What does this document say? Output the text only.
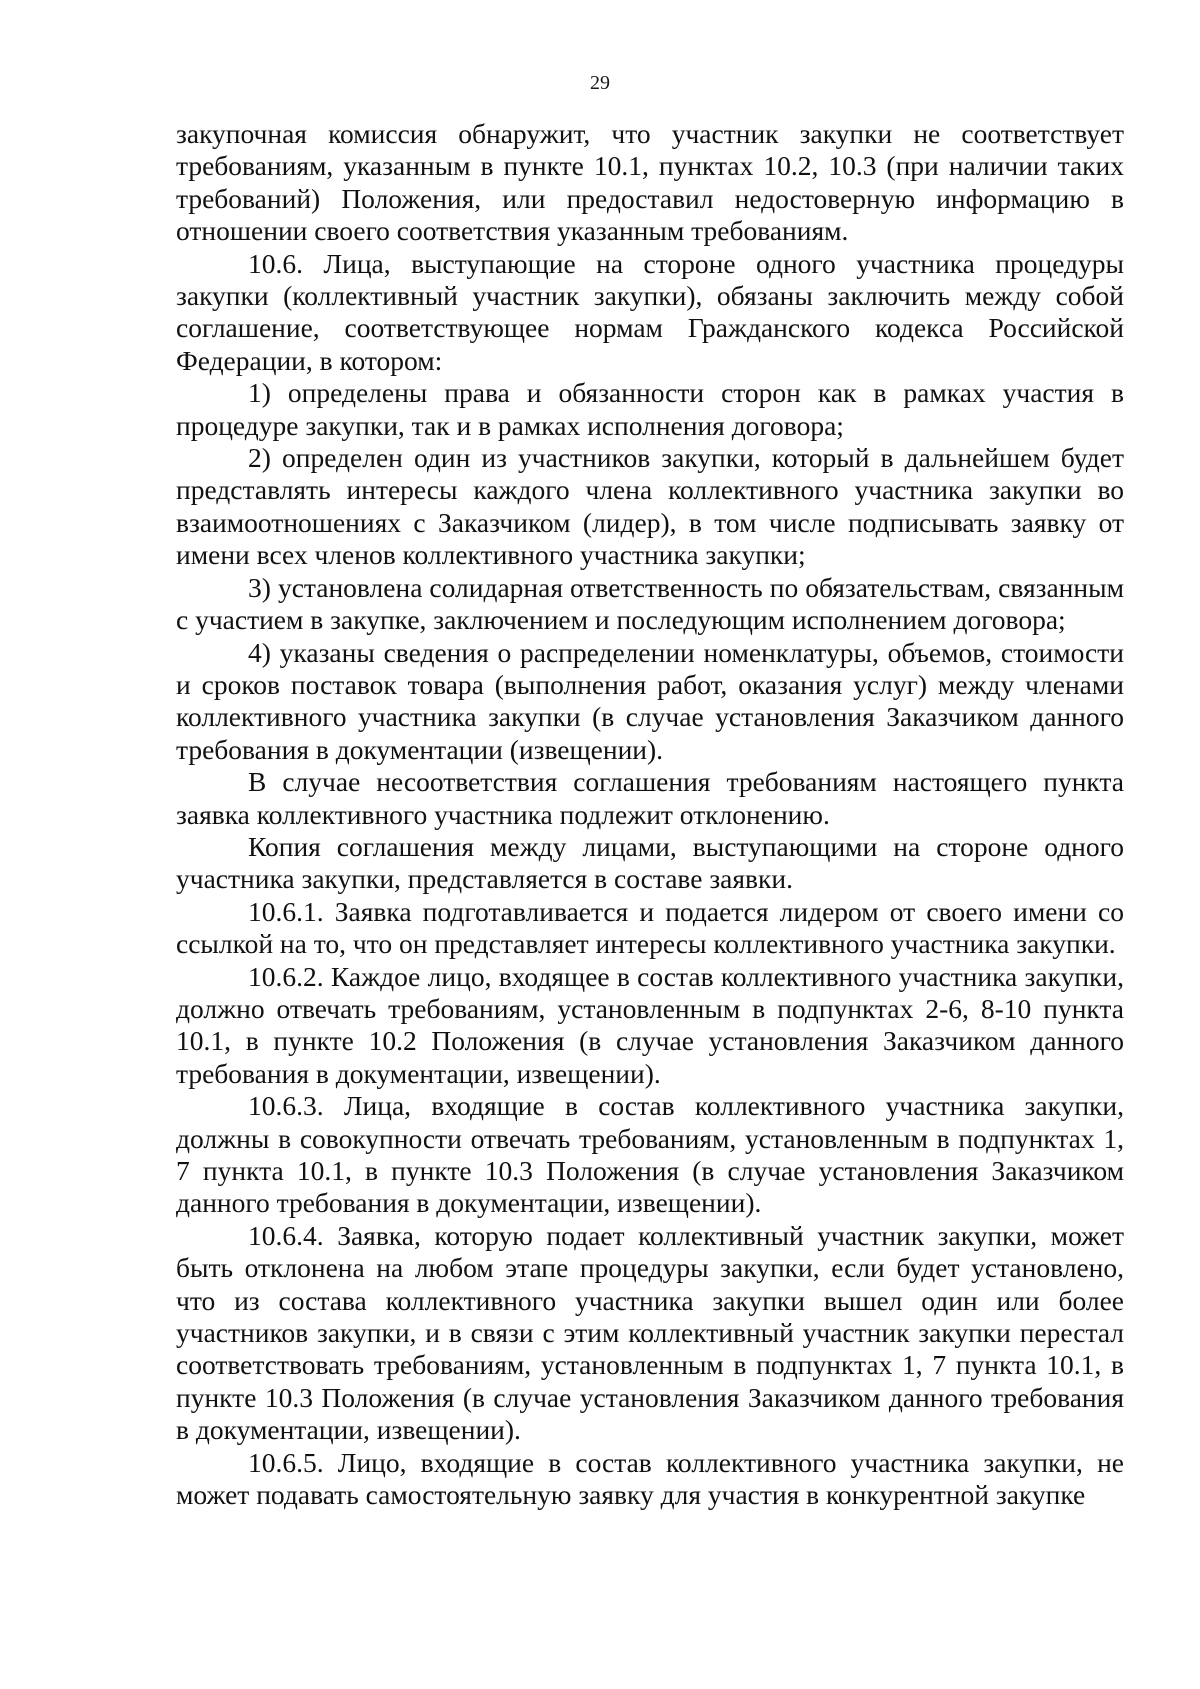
29

закупочная комиссия обнаружит, что участник закупки не соответствует требованиям, указанным в пункте 10.1, пунктах 10.2, 10.3 (при наличии таких требований) Положения, или предоставил недостоверную информацию в отношении своего соответствия указанным требованиям.

10.6. Лица, выступающие на стороне одного участника процедуры закупки (коллективный участник закупки), обязаны заключить между собой соглашение, соответствующее нормам Гражданского кодекса Российской Федерации, в котором:

1) определены права и обязанности сторон как в рамках участия в процедуре закупки, так и в рамках исполнения договора;

2) определен один из участников закупки, который в дальнейшем будет представлять интересы каждого члена коллективного участника закупки во взаимоотношениях с Заказчиком (лидер), в том числе подписывать заявку от имени всех членов коллективного участника закупки;

3) установлена солидарная ответственность по обязательствам, связанным с участием в закупке, заключением и последующим исполнением договора;

4) указаны сведения о распределении номенклатуры, объемов, стоимости и сроков поставок товара (выполнения работ, оказания услуг) между членами коллективного участника закупки (в случае установления Заказчиком данного требования в документации (извещении).

В случае несоответствия соглашения требованиям настоящего пункта заявка коллективного участника подлежит отклонению.

Копия соглашения между лицами, выступающими на стороне одного участника закупки, представляется в составе заявки.

10.6.1. Заявка подготавливается и подается лидером от своего имени со ссылкой на то, что он представляет интересы коллективного участника закупки.

10.6.2. Каждое лицо, входящее в состав коллективного участника закупки, должно отвечать требованиям, установленным в подпунктах 2-6, 8-10 пункта 10.1, в пункте 10.2 Положения (в случае установления Заказчиком данного требования в документации, извещении).

10.6.3. Лица, входящие в состав коллективного участника закупки, должны в совокупности отвечать требованиям, установленным в подпунктах 1, 7 пункта 10.1, в пункте 10.3 Положения (в случае установления Заказчиком данного требования в документации, извещении).

10.6.4. Заявка, которую подает коллективный участник закупки, может быть отклонена на любом этапе процедуры закупки, если будет установлено, что из состава коллективного участника закупки вышел один или более участников закупки, и в связи с этим коллективный участник закупки перестал соответствовать требованиям, установленным в подпунктах 1, 7 пункта 10.1, в пункте 10.3 Положения (в случае установления Заказчиком данного требования в документации, извещении).

10.6.5. Лицо, входящие в состав коллективного участника закупки, не может подавать самостоятельную заявку для участия в конкурентной закупке
